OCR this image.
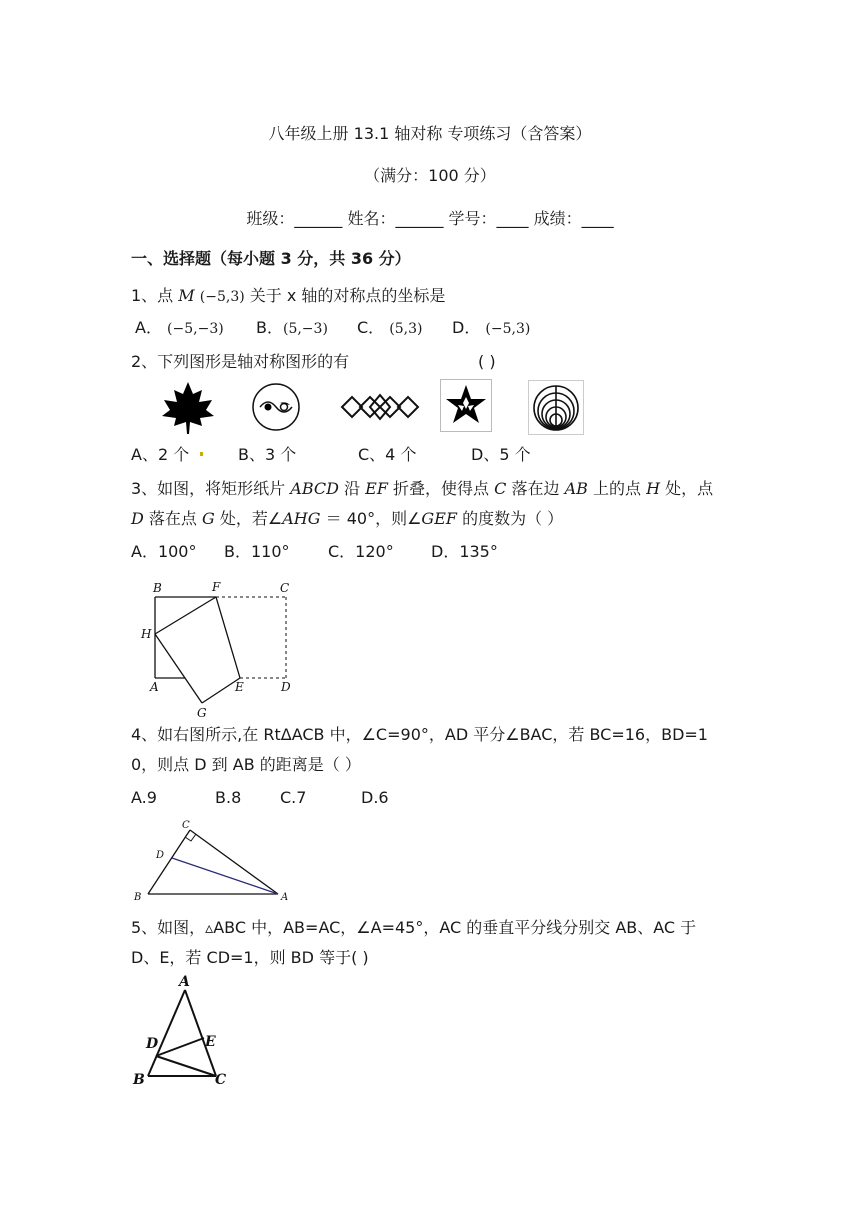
八年级上册 13.1 轴对称 专项练习（含答案）
（满分：100 分）
班级：______ 姓名：______ 学号：____ 成绩：____
一、选择题（每小题 3 分，共 36 分）
1、点 M (−5,3) 关于 x 轴的对称点的坐标是
A． (−5,−3) B．(5,−3) C． (5,3) D． (−5,3)
2、下列图形是轴对称图形的有	( )
A、2 个	B、3 个	C、4 个	D、5 个
3、如图，将矩形纸片 ABCD 沿 EF 折叠，使得点 C 落在边 AB 上的点 H 处，点
D 落在点 G 处，若∠AHG ＝ 40°，则∠GEF 的度数为（ ）
A．100° B．110° C．120° D．135°
B	F	C
H
A	E	D
G
4、如右图所示,在 RtΔACB 中，∠C=90°，AD 平分∠BAC，若 BC=16，BD=1
0，则点 D 到 AB 的距离是（ ）
A.9	B.8 C.7	D.6
C
D
B	A
5、如图，▵ABC 中，AB=AC，∠A=45°，AC 的垂直平分线分别交 AB、AC 于
D、E，若 CD=1，则 BD 等于( )
A
D	E
B	C
